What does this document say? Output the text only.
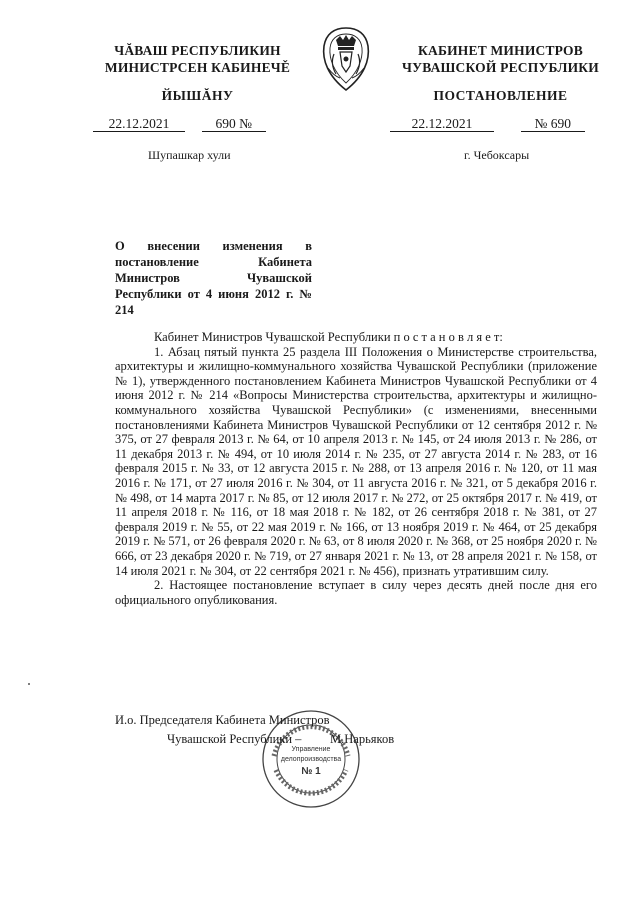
ЧĂВАШ РЕСПУБЛИКИН
МИНИСТРСЕН КАБИНЕЧĚ
ЙЫШĂНУ
КАБИНЕТ МИНИСТРОВ
ЧУВАШСКОЙ РЕСПУБЛИКИ
ПОСТАНОВЛЕНИЕ
22.12.2021	690 №	22.12.2021	№ 690
Шупашкар хули	г. Чебоксары
О внесении изменения в постановление Кабинета Министров Чувашской Республики от 4 июня 2012 г. № 214

Кабинет Министров Чувашской Республики п о с т а н о в л я е т:

1. Абзац пятый пункта 25 раздела III Положения о Министерстве строительства, архитектуры и жилищно-коммунального хозяйства Чувашской Республики (приложение № 1), утвержденного постановлением Кабинета Министров Чувашской Республики от 4 июня 2012 г. № 214 «Вопросы Министерства строительства, архитектуры и жилищно-коммунального хозяйства Чувашской Республики» (с изменениями, внесенными постановлениями Кабинета Министров Чувашской Республики от 12 сентября 2012 г. № 375, от 27 февраля 2013 г. № 64, от 10 апреля 2013 г. № 145, от 24 июля 2013 г. № 286, от 11 декабря 2013 г. № 494, от 10 июля 2014 г. № 235, от 27 августа 2014 г. № 283, от 16 февраля 2015 г. № 33, от 12 августа 2015 г. № 288, от 13 апреля 2016 г. № 120, от 11 мая 2016 г. № 171, от 27 июля 2016 г. № 304, от 11 августа 2016 г. № 321, от 5 декабря 2016 г. № 498, от 14 марта 2017 г. № 85, от 12 июля 2017 г. № 272, от 25 октября 2017 г. № 419, от 11 апреля 2018 г. № 116, от 18 мая 2018 г. № 182, от 26 сентября 2018 г. № 381, от 27 февраля 2019 г. № 55, от 22 мая 2019 г. № 166, от 13 ноября 2019 г. № 464, от 25 декабря 2019 г. № 571, от 26 февраля 2020 г. № 63, от 8 июля 2020 г. № 368, от 25 ноября 2020 г. № 666, от 23 декабря 2020 г. № 719, от 27 января 2021 г. № 13, от 28 апреля 2021 г. № 158, от 14 июля 2021 г. № 304, от 22 сентября 2021 г. № 456), признать утратившим силу.

2. Настоящее постановление вступает в силу через десять дней после дня его официального опубликования.

Управление
делопроизводства
№ 1
И.о. Председателя Кабинета Министров
Чувашской Республики – М.Нарьяков
